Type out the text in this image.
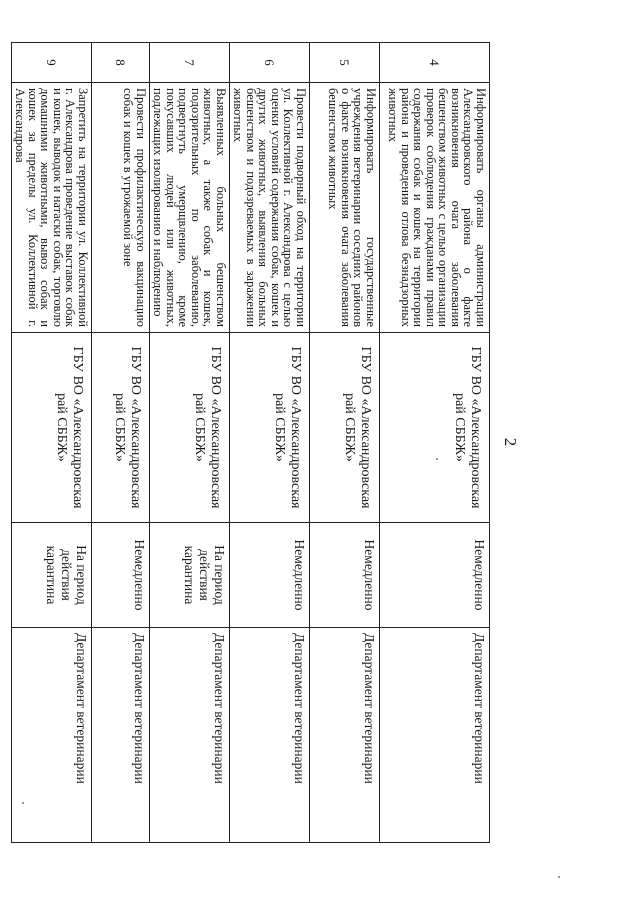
2
4	Информировать органы администрации Александровского района о факте возникновения очага заболевания бешенством животных с целью организации проверок соблюдения гражданами правил содержания собак и кошек на территории района и проведения отлова безнадзорных животных	ГБУ ВО «Александровская рай СББЖ»	Немедленно	Департамент ветеринарии
5	Информировать государственные учреждения ветеринарии соседних районов о факте возникновения очага заболевания бешенством животных	ГБУ ВО «Александровская рай СББЖ»	Немедленно	Департамент ветеринарии
6	Провести подворный обход на территории ул. Коллективной г. Александрова с целью оценки условий содержания собак, кошек и других животных, выявления больных бешенством и подозреваемых в заражении животных	ГБУ ВО «Александровская рай СББЖ»	Немедленно	Департамент ветеринарии
7	Выявленных больных бешенством животных, а также собак и кошек, подозрительных по заболеванию, подвергнуть умерщвлению, кроме покусавших людей или животных, подлежащих изолированию и наблюдению	ГБУ ВО «Александровская рай СББЖ»	На период действия карантина	Департамент ветеринарии
8	Провести профилактическую вакцинацию собак и кошек в угрожаемой зоне	ГБУ ВО «Александровская рай СББЖ»	Немедленно	Департамент ветеринарии
9	Запретить на территории ул. Коллективной г. Александрова проведение выставок собак и кошек, выводок и натаски собак, торговлю домашними животными, вывоз собак и кошек за пределы ул. Коллективной г. Александрова	ГБУ ВО «Александровская рай СББЖ»	На период действия карантина	Департамент ветеринарии
